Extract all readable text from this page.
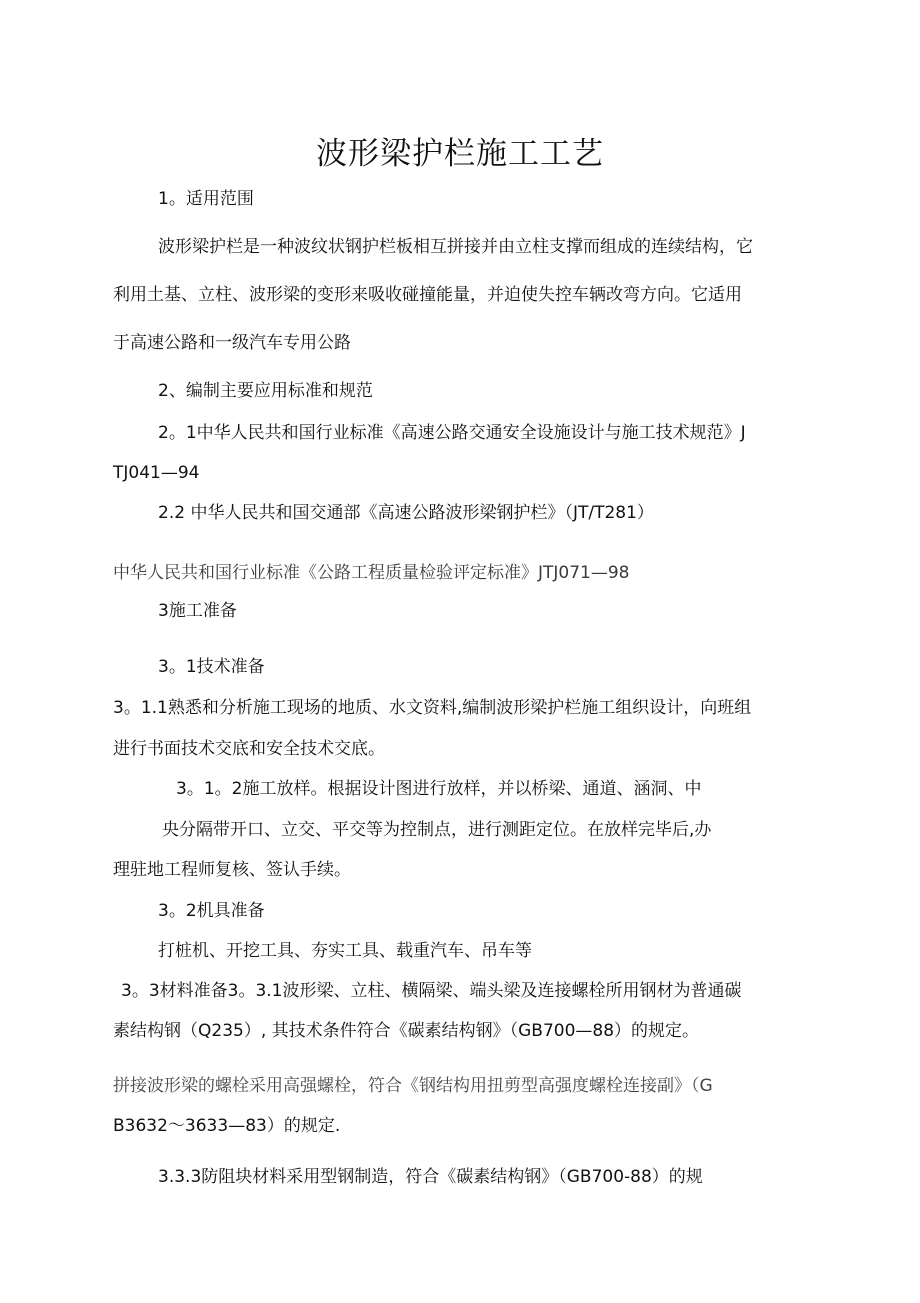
波形梁护栏施工工艺
1。适用范围
波形梁护栏是一种波纹状钢护栏板相互拼接并由立柱支撑而组成的连续结构，它
利用土基、立柱、波形梁的变形来吸收碰撞能量，并迫使失控车辆改弯方向。它适用
于高速公路和一级汽车专用公路
2、编制主要应用标准和规范
2。1中华人民共和国行业标准《高速公路交通安全设施设计与施工技术规范》J
TJ041—94
2.2 中华人民共和国交通部《高速公路波形梁钢护栏》（JT/T281）
中华人民共和国行业标准《公路工程质量检验评定标准》JTJ071—98
3施工准备
3。1技术准备
3。1.1熟悉和分析施工现场的地质、水文资料,编制波形梁护栏施工组织设计，向班组
进行书面技术交底和安全技术交底。
3。1。2施工放样。根据设计图进行放样，并以桥梁、通道、涵洞、中
央分隔带开口、立交、平交等为控制点，进行测距定位。在放样完毕后,办
理驻地工程师复核、签认手续。
3。2机具准备
打桩机、开挖工具、夯实工具、载重汽车、吊车等
3。3材料准备3。3.1波形梁、立柱、横隔梁、端头梁及连接螺栓所用钢材为普通碳
素结构钢（Q235）, 其技术条件符合《碳素结构钢》（GB700—88）的规定。
拼接波形梁的螺栓采用高强螺栓，符合《钢结构用扭剪型高强度螺栓连接副》（G
B3632～3633—83）的规定.
3.3.3防阻块材料采用型钢制造，符合《碳素结构钢》（GB700-88）的规
